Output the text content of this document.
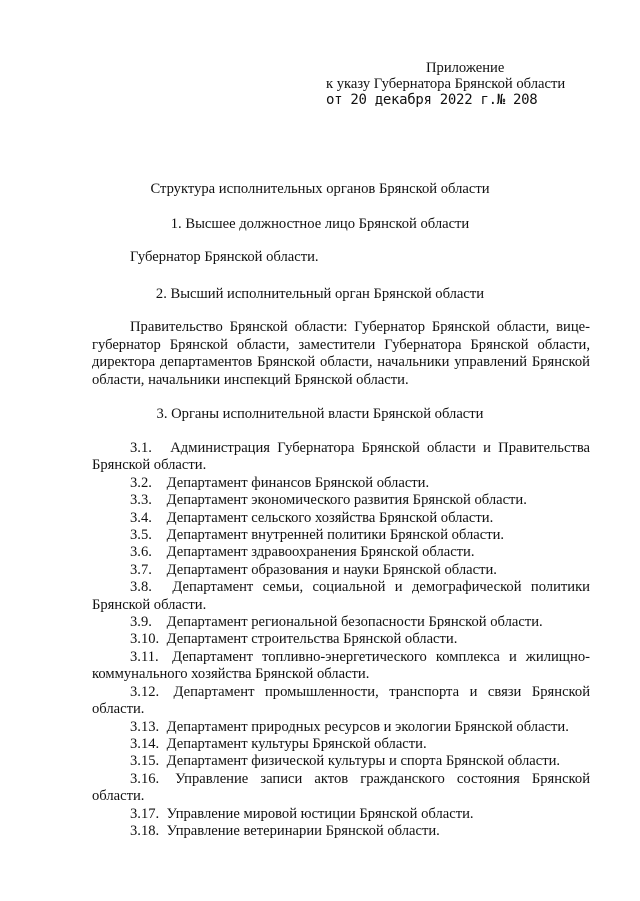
Приложение
к указу Губернатора Брянской области
от 20 декабря 2022 г.№ 208
Структура исполнительных органов Брянской области
1. Высшее должностное лицо Брянской области
Губернатор Брянской области.
2. Высший исполнительный орган Брянской области
Правительство Брянской области: Губернатор Брянской области, вице-губернатор Брянской области, заместители Губернатора Брянской области, директора департаментов Брянской области, начальники управлений Брянской области, начальники инспекций Брянской области.
3. Органы исполнительной власти Брянской области

3.1. Администрация Губернатора Брянской области и Правительства Брянской области.

3.2. Департамент финансов Брянской области.

3.3. Департамент экономического развития Брянской области.

3.4. Департамент сельского хозяйства Брянской области.

3.5. Департамент внутренней политики Брянской области.

3.6. Департамент здравоохранения Брянской области.

3.7. Департамент образования и науки Брянской области.

3.8. Департамент семьи, социальной и демографической политики Брянской области.

3.9. Департамент региональной безопасности Брянской области.

3.10. Департамент строительства Брянской области.

3.11. Департамент топливно-энергетического комплекса и жилищно-коммунального хозяйства Брянской области.

3.12. Департамент промышленности, транспорта и связи Брянской области.

3.13. Департамент природных ресурсов и экологии Брянской области.

3.14. Департамент культуры Брянской области.

3.15. Департамент физической культуры и спорта Брянской области.

3.16. Управление записи актов гражданского состояния Брянской области.

3.17. Управление мировой юстиции Брянской области.

3.18. Управление ветеринарии Брянской области.
